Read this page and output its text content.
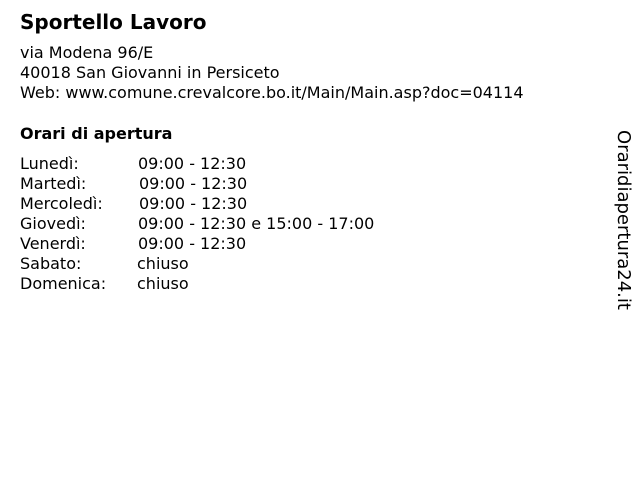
Sportello Lavoro
via Modena 96/E
40018 San Giovanni in Persiceto
Web: www.comune.crevalcore.bo.it/Main/Main.asp?doc=04114
Orari di apertura
Lunedì:	09:00 - 12:30
Martedì:	09:00 - 12:30
Mercoledì: 09:00 - 12:30
Giovedì:	09:00 - 12:30 e 15:00 - 17:00
Venerdì:	09:00 - 12:30
Sabato:	chiuso
Domenica: chiuso	Oraridiapertura24.it
